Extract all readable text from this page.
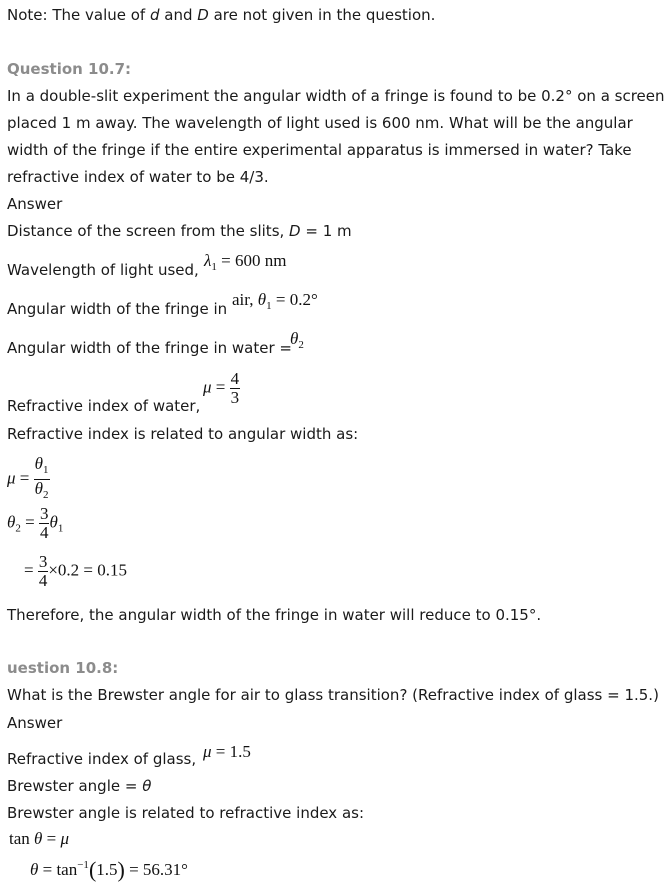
Note: The value of d and D are not given in the question.
Question 10.7:
In a double-slit experiment the angular width of a fringe is found to be 0.2° on a screen
placed 1 m away. The wavelength of light used is 600 nm. What will be the angular
width of the fringe if the entire experimental apparatus is immersed in water? Take
refractive index of water to be 4/3.
Answer
Distance of the screen from the slits, D = 1 m
Wavelength of light used, $\lambda_1 = 600$ nm
Angular width of the fringe in air, $\theta_1 = 0.2^\circ$
Angular width of the fringe in water =
$\theta_2$
Refractive index of water,
$\mu = \frac{4}{3}$
Refractive index is related to angular width as:
$\mu = \frac{\theta_1}{\theta_2}$
$\theta_2 = \frac{3}{4} \theta_1$
= $\frac{3}{4} \times 0.2 = 0.15$
Therefore, the angular width of the fringe in water will reduce to 0.15°.
uestion 10.8:
What is the Brewster angle for air to glass transition? (Refractive index of glass = 1.5.)
Answer
Refractive index of glass, μ = 1.5
Brewster angle = θ
Brewster angle is related to refractive index as:
tan θ = μ
$\theta = \tan^{-1}(1.5) = 56.31^\circ$
